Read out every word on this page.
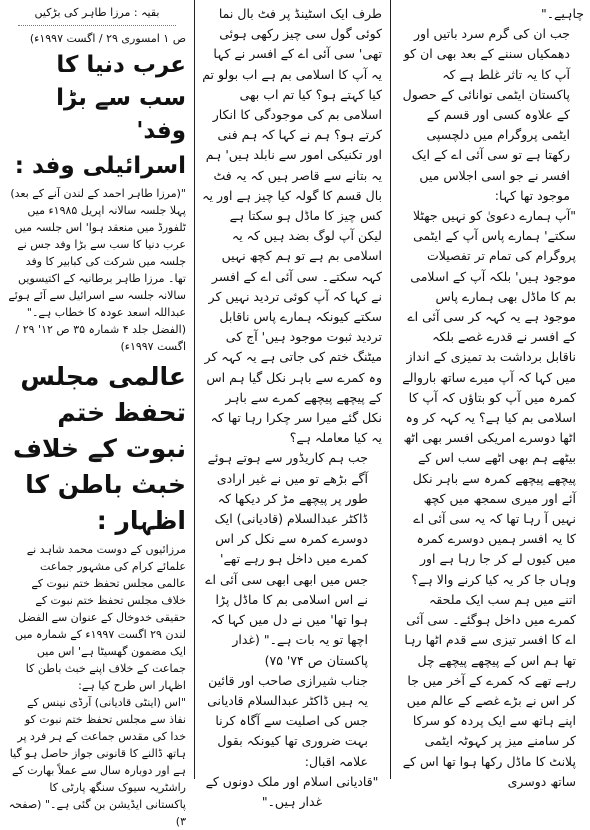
چاہیے۔"

جب ان کی گرم سرد باتیں اور دھمکیاں سننے کے بعد بھی ان کو آپ کا یہ تاثر غلط ہے کہ پاکستان ایٹمی توانائی کے حصول کے علاوہ کسی اور قسم کے ایٹمی پروگرام میں دلچسپی رکھتا ہے تو سی آئی اے کے ایک افسر نے جو اسی اجلاس میں موجود تھا کہا:

"آپ ہمارے دعویٰ کو نہیں جھٹلا سکتے' ہمارے پاس آپ کے ایٹمی پروگرام کی تمام تر تفصیلات موجود ہیں' بلکہ آپ کے اسلامی بم کا ماڈل بھی ہمارے پاس موجود ہے یہ کہہ کر سی آئی اے کے افسر نے قدرے غصے بلکہ ناقابل برداشت بد تمیزی کے انداز میں کہا کہ آپ میرے ساتھ باروالے کمرہ میں آپ کو بتاؤں کہ آپ کا اسلامی بم کیا ہے؟ یہ کہہ کر وہ اٹھا دوسرے امریکی افسر بھی اٹھ بیٹھے ہم بھی اٹھے سب اس کے پیچھے پیچھے کمرہ سے باہر نکل آئے اور میری سمجھ میں کچھ نہیں آ رہا تھا کہ یہ سی آئی اے کا یہ افسر ہمیں دوسرے کمرہ میں کیوں لے کر جا رہا ہے اور وہاں جا کر یہ کیا کرنے والا ہے؟ اتنے میں ہم سب ایک ملحقہ کمرے میں داخل ہوگئے۔ سی آئی اے کا افسر تیزی سے قدم اٹھا رہا تھا ہم اس کے پیچھے پیچھے چل رہے تھے کہ کمرے کے آخر میں جا کر اس نے بڑے غصے کے عالم میں اپنے ہاتھ سے ایک پردہ کو سرکا کر سامنے میز پر کہوٹہ ایٹمی پلانٹ کا ماڈل رکھا ہوا تھا اس کے ساتھ دوسری

طرف ایک اسٹینڈ پر فٹ بال نما کوئی گول سی چیز رکھی ہوئی تھی' سی آئی اے کے افسر نے کہا یہ آپ کا اسلامی بم ہے اب بولو تم کیا کہتے ہو؟ کیا تم اب بھی اسلامی بم کی موجودگی کا انکار کرتے ہو؟ ہم نے کہا کہ ہم فنی اور تکنیکی امور سے نابلد ہیں' ہم یہ بتانے سے قاصر ہیں کہ یہ فٹ بال قسم کا گولہ کیا چیز ہے اور یہ کس چیز کا ماڈل ہو سکتا ہے لیکن آپ لوگ بضد ہیں کہ یہ اسلامی بم ہے تو ہم کچھ نہیں کہہ سکتے۔ سی آئی اے کے افسر نے کہا کہ آپ کوئی تردید نہیں کر سکتے کیونکہ ہمارے پاس ناقابل تردید ثبوت موجود ہیں' آج کی میٹنگ ختم کی جاتی ہے یہ کہہ کر وہ کمرے سے باہر نکل گیا ہم اس کے پیچھے پیچھے کمرے سے باہر نکل گئے میرا سر چکرا رہا تھا کہ یہ کیا معاملہ ہے؟

جب ہم کاریڈور سے ہوتے ہوئے آگے بڑھے تو میں نے غیر ارادی طور پر پیچھے مڑ کر دیکھا کہ ڈاکٹر عبدالسلام (قادیانی) ایک دوسرے کمرہ سے نکل کر اس کمرے میں داخل ہو رہے تھے' جس میں ابھی ابھی سی آئی اے نے اس اسلامی بم کا ماڈل پڑا ہوا تھا' میں نے دل میں کہا کہ اچھا تو یہ بات ہے۔" (غدار پاکستان ص ۷۴' ۷۵)

جناب شیرازی صاحب اور قائین یہ ہیں ڈاکٹر عبدالسلام قادیانی جس کی اصلیت سے آگاہ کرنا بہت ضروری تھا کیونکہ بقول علامہ اقبال:

"قادیانی اسلام اور ملک دونوں کے غدار ہیں۔"

بقیہ : مرزا طاہر کی بڑکیں

ص ۱ امسوری ۲۹ / اگست ۱۹۹۷ء)

عرب دنیا کا سب سے بڑا وفد'
اسرائیلی وفد :

"(مرزا طاہر احمد کے لندن آنے کے بعد)

پہلا جلسہ سالانہ اپریل ۱۹۸۵ء میں ٹلفورڈ میں منعقد ہوا' اس جلسہ میں عرب دنیا کا سب سے بڑا وفد جس نے جلسہ میں شرکت کی کبابیر کا وفد تھا۔ مرزا طاہر برطانیہ کے اکتیسویں سالانہ جلسہ سے اسرائیل سے آئے ہوئے عبداللہ اسعد عودہ کا خطاب ہے۔" (الفضل جلد ۴ شمارہ ۳۵ ص ۱۲' ۲۹ / اگست ۱۹۹۷ء)

عالمی مجلس تحفظ ختم نبوت کے خلاف خبث باطن کا اظہار :

مرزائیوں کے دوست محمد شاہد نے علمائے کرام کی مشہور جماعت عالمی مجلس تحفظ ختم نبوت کے خلاف مجلس تحفظ ختم نبوت کے حقیقی خدوخال کے عنوان سے الفضل لندن ۲۹ اگست ۱۹۹۷ء کے شمارہ میں ایک مضمون گھسیٹا ہے' اس میں جماعت کے خلاف اپنے خبث باطن کا اظہار اس طرح کیا ہے:

"اس (اینٹی قادیانی) آرڈی نینس کے نفاذ سے مجلس تحفظ ختم نبوت کو خدا کی مقدس جماعت کے ہر فرد پر ہاتھ ڈالنے کا قانونی جواز حاصل ہو گیا ہے اور دوبارہ سال سے عملاً بھارت کے راشٹریہ سیوک سنگھ پارٹی کا پاکستانی ایڈیشن بن گئی ہے۔" (صفحہ ۳)
